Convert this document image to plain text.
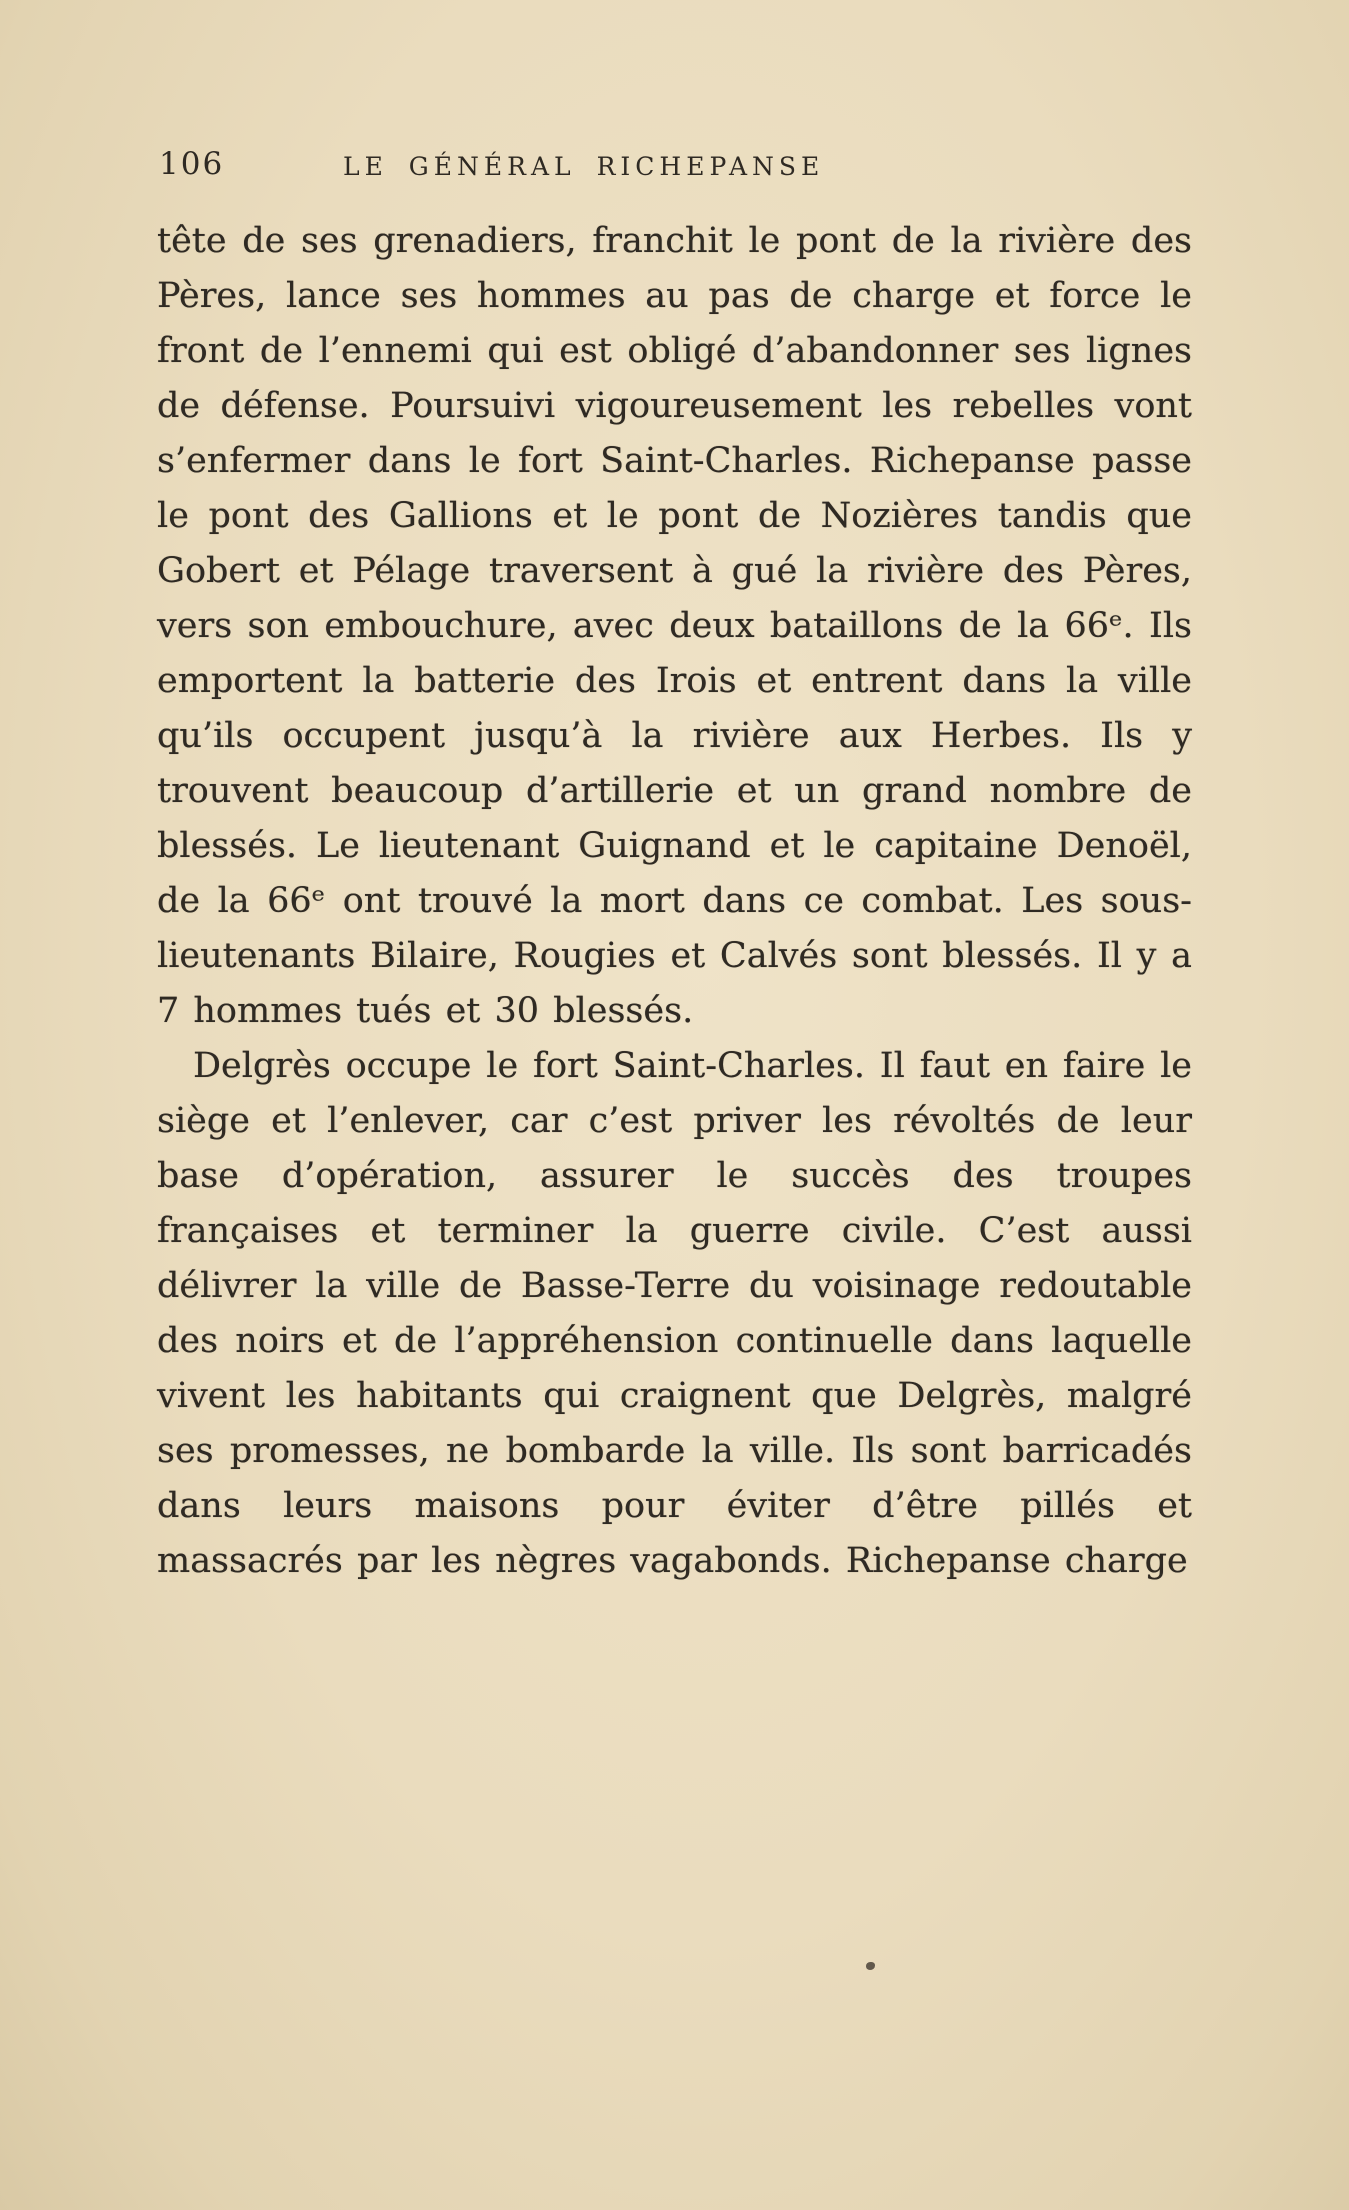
106	LE GÉNÉRAL RICHEPANSE

tête de ses grenadiers, franchit le pont de la rivière des Pères, lance ses hommes au pas de charge et force le front de l’ennemi qui est obligé d’abandonner ses lignes de défense. Poursuivi vigoureusement les rebelles vont s’enfermer dans le fort Saint-Charles. Richepanse passe le pont des Gallions et le pont de Nozières tandis que Gobert et Pélage traversent à gué la rivière des Pères, vers son embouchure, avec deux bataillons de la 66ᵉ. Ils emportent la batterie des Irois et entrent dans la ville qu’ils occupent jusqu’à la rivière aux Herbes. Ils y trouvent beaucoup d’artillerie et un grand nombre de blessés. Le lieutenant Guignand et le capitaine Denoël, de la 66ᵉ ont trouvé la mort dans ce combat. Les sous-lieutenants Bilaire, Rougies et Calvés sont blessés. Il y a 7 hommes tués et 30 blessés.

Delgrès occupe le fort Saint-Charles. Il faut en faire le siège et l’enlever, car c’est priver les révoltés de leur base d’opération, assurer le succès des troupes françaises et terminer la guerre civile. C’est aussi délivrer la ville de Basse-Terre du voisinage redoutable des noirs et de l’appréhension continuelle dans laquelle vivent les habitants qui craignent que Delgrès, malgré ses promesses, ne bombarde la ville. Ils sont barricadés dans leurs maisons pour éviter d’être pillés et massacrés par les nègres vagabonds. Richepanse charge
